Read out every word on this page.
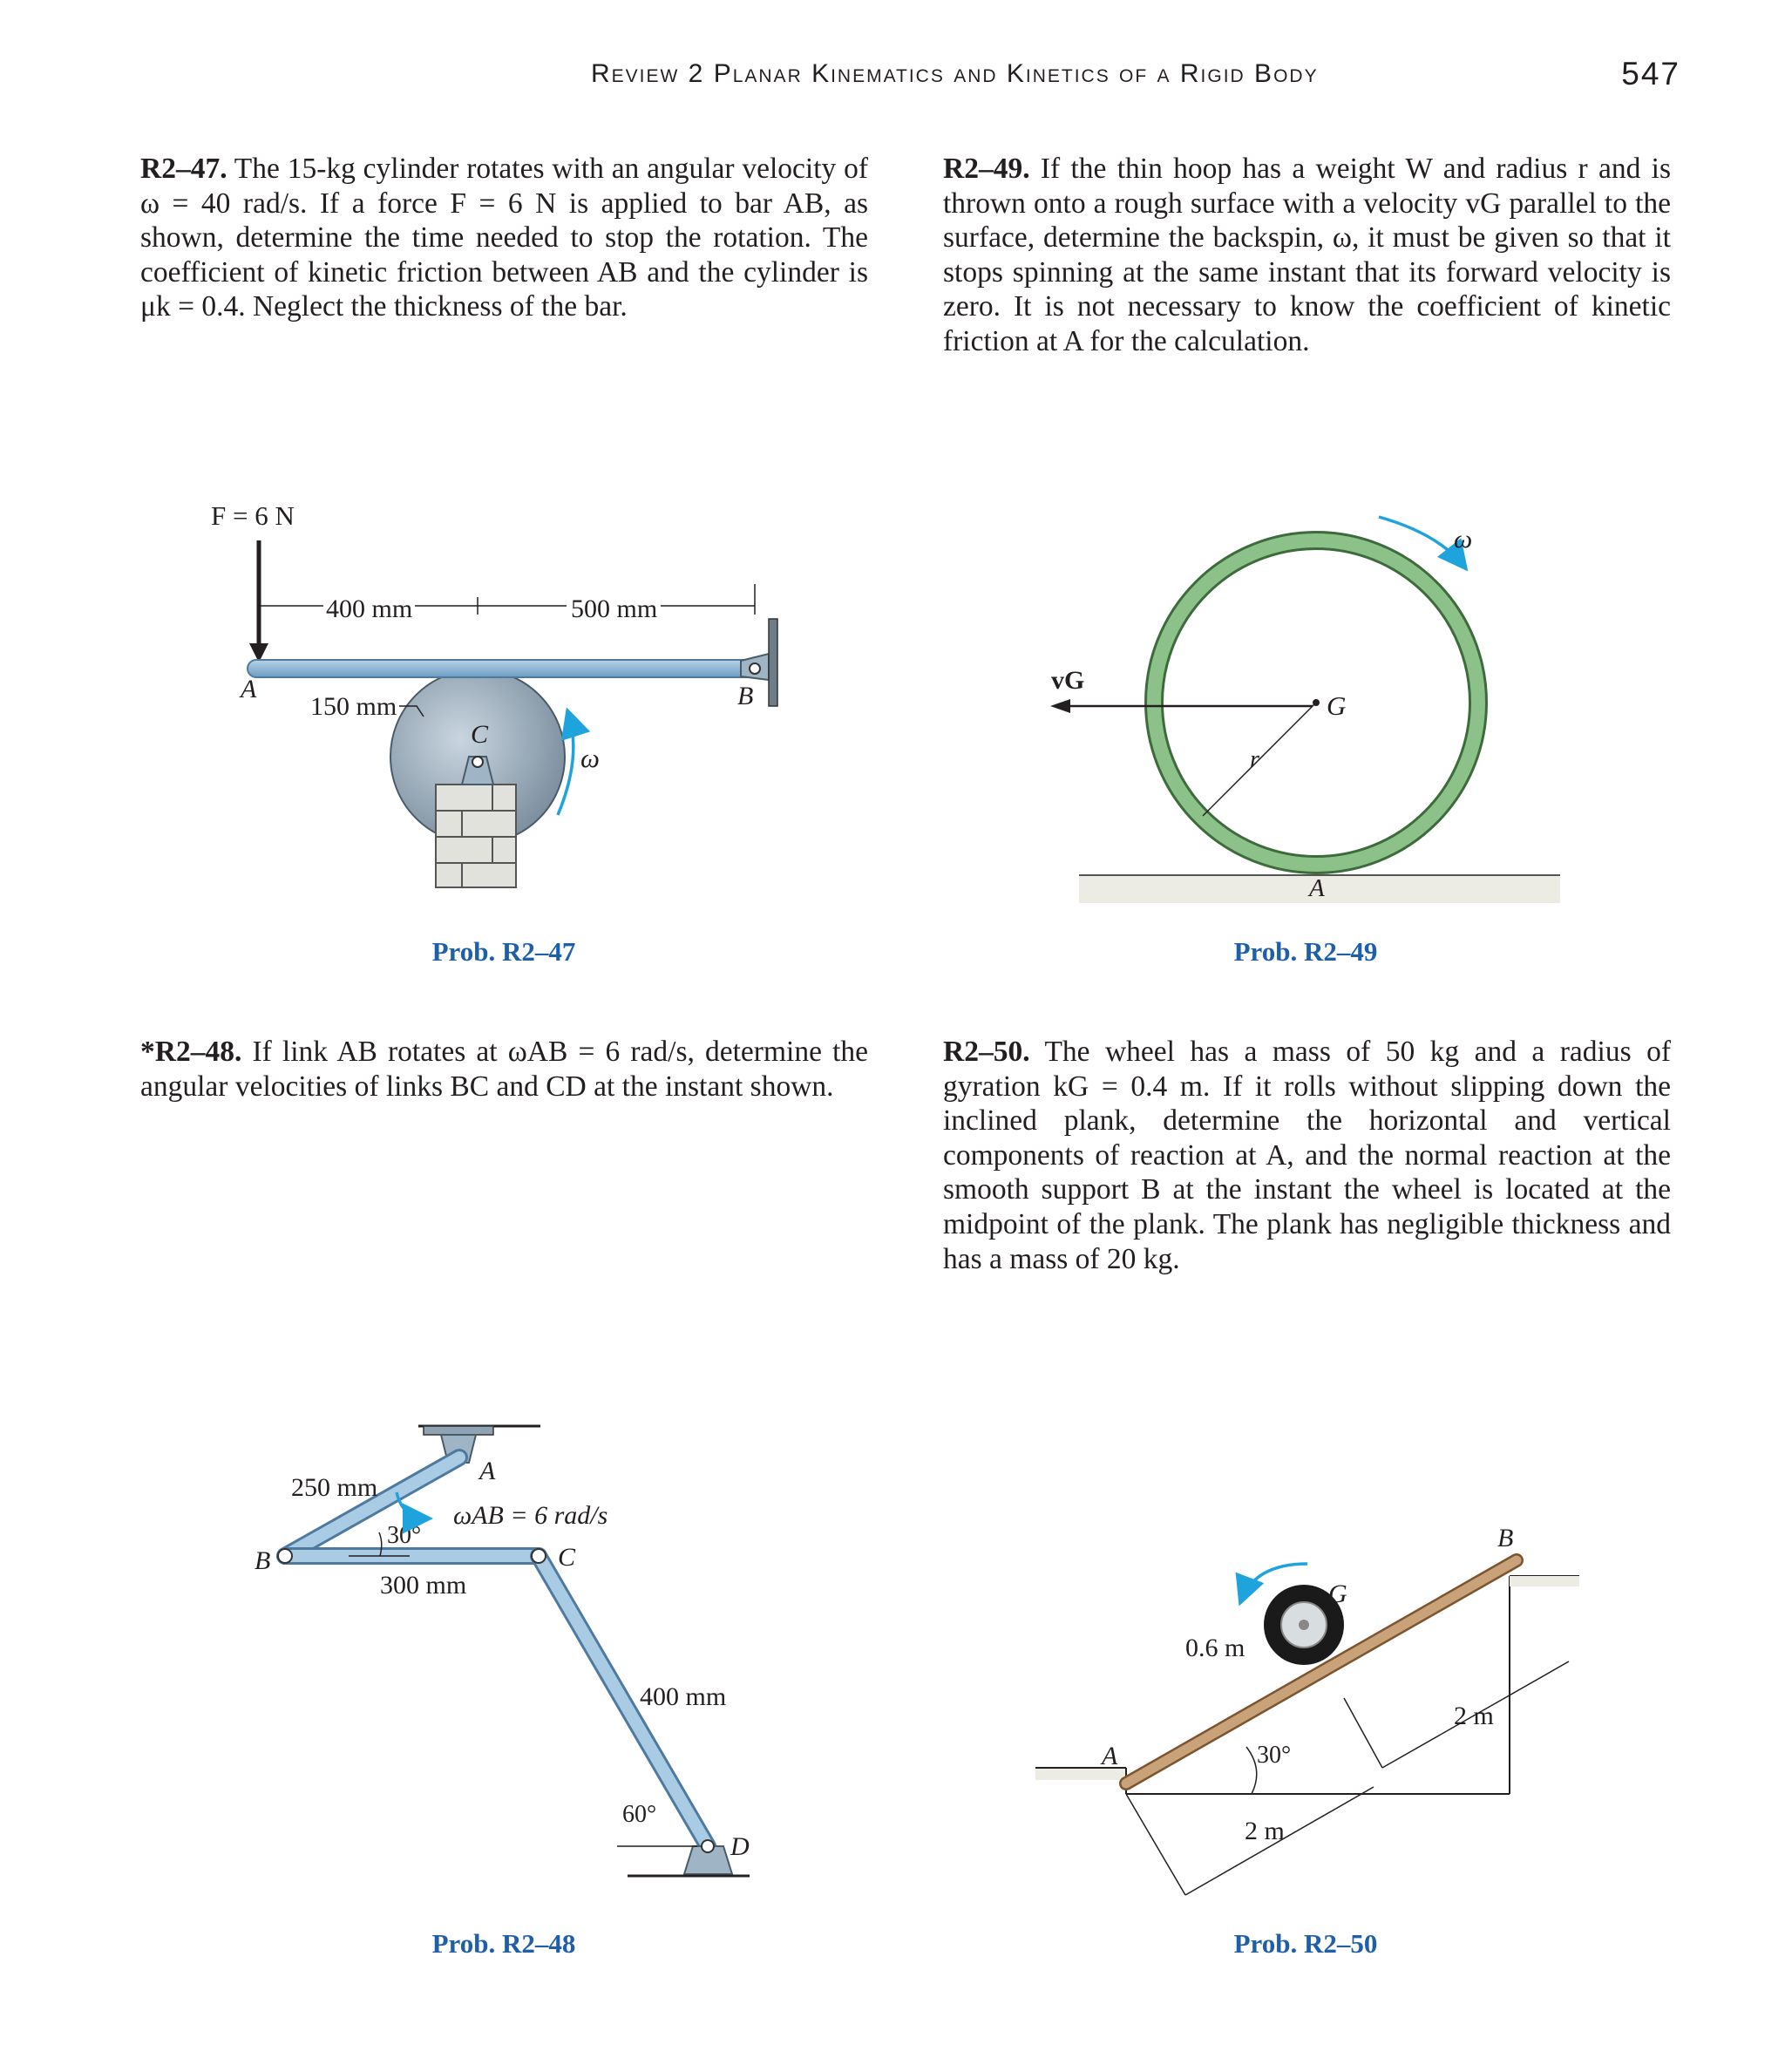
Review 2 Planar Kinematics and Kinetics of a Rigid Body	547
R2–47. The 15-kg cylinder rotates with an angular velocity of ω = 40 rad/s. If a force F = 6 N is applied to bar AB, as shown, determine the time needed to stop the rotation. The coefficient of kinetic friction between AB and the cylinder is μk = 0.4. Neglect the thickness of the bar.
R2–49. If the thin hoop has a weight W and radius r and is thrown onto a rough surface with a velocity vG parallel to the surface, determine the backspin, ω, it must be given so that it stops spinning at the same instant that its forward velocity is zero. It is not necessary to know the coefficient of kinetic friction at A for the calculation.
*R2–48. If link AB rotates at ωAB = 6 rad/s, determine the angular velocities of links BC and CD at the instant shown.
R2–50. The wheel has a mass of 50 kg and a radius of gyration kG = 0.4 m. If it rolls without slipping down the inclined plank, determine the horizontal and vertical components of reaction at A, and the normal reaction at the smooth support B at the instant the wheel is located at the midpoint of the plank. The plank has negligible thickness and has a mass of 20 kg.
F = 6 N
400 mm	500 mm
C
A	B
150 mm
ω
Prob. R2–47
G
r
A
vG
ω
Prob. R2–49
A
B	C
D
250 mm
300 mm
400 mm
30°
60°
ωAB = 6 rad/s
Prob. R2–48
A
B
G
0.6 m
30°
2 m
2 m
Prob. R2–50
